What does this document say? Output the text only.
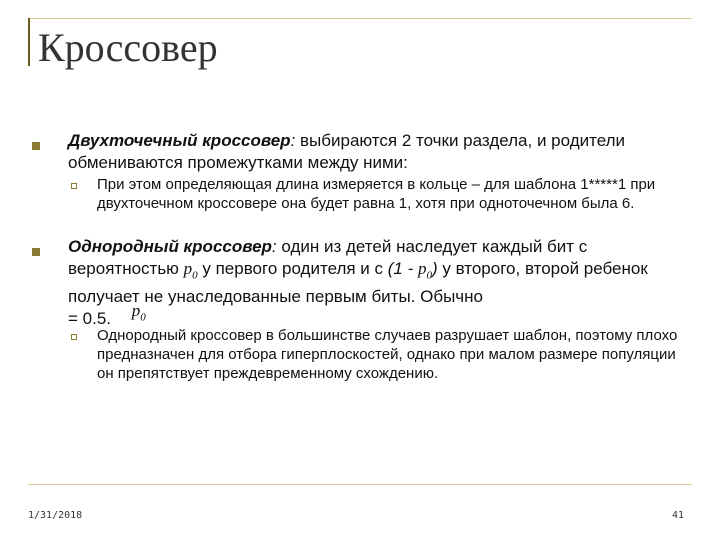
Кроссовер
Двухточечный кроссовер: выбираются 2 точки раздела, и родители обмениваются промежутками между ними:
При этом определяющая длина измеряется в кольце – для шаблона 1*****1 при двухточечном кроссовере она будет равна 1, хотя при одноточечном была 6.
Однородный кроссовер: один из детей наследует каждый бит с вероятностью $p_0$ у первого родителя и с $(1 - p_0)$ у второго, второй ребенок получает не унаследованные первым биты. Обычно
= 0.5. $p_0$
Однородный кроссовер в большинстве случаев разрушает шаблон, поэтому плохо предназначен для отбора гиперплоскостей, однако при малом размере популяции он препятствует преждевременному схождению.
1/31/2018	41
